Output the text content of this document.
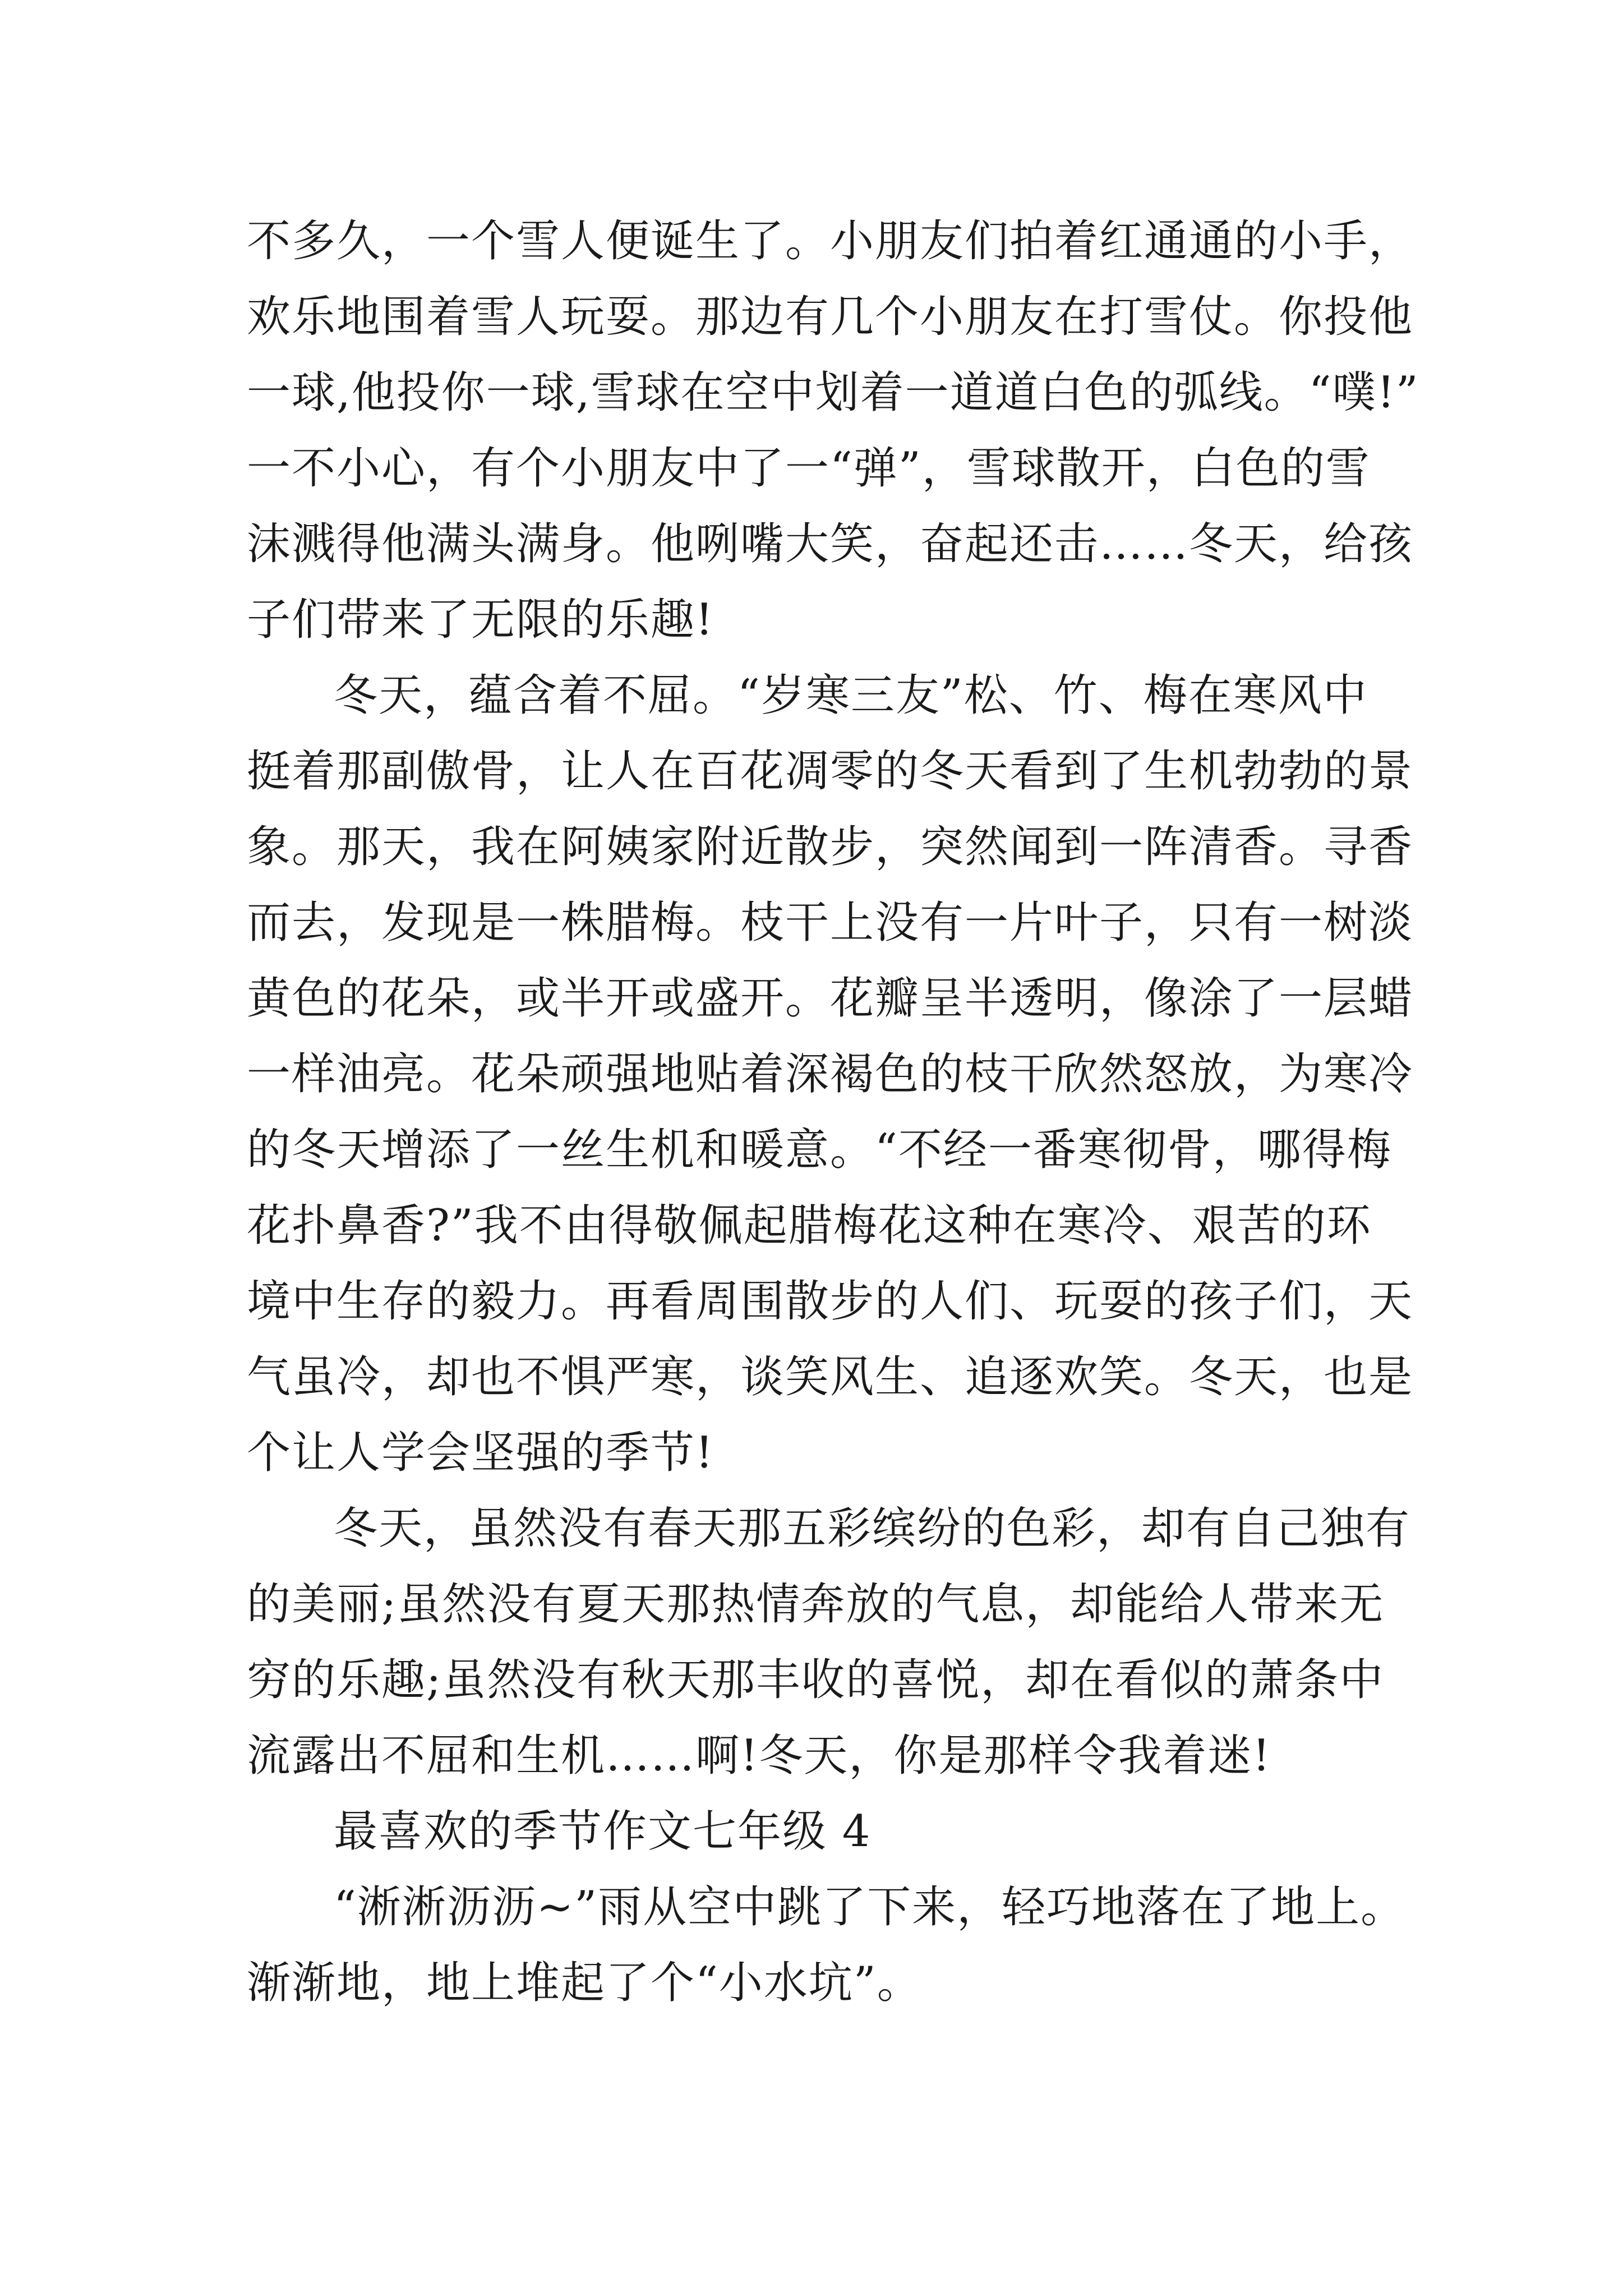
不多久，一个雪人便诞生了。小朋友们拍着红通通的小手，
欢乐地围着雪人玩耍。那边有几个小朋友在打雪仗。你投他
一球,他投你一球,雪球在空中划着一道道白色的弧线。“噗!”
一不小心，有个小朋友中了一“弹”，雪球散开，白色的雪
沫溅得他满头满身。他咧嘴大笑，奋起还击……冬天，给孩
子们带来了无限的乐趣!
冬天，蕴含着不屈。“岁寒三友”松、竹、梅在寒风中
挺着那副傲骨，让人在百花凋零的冬天看到了生机勃勃的景
象。那天，我在阿姨家附近散步，突然闻到一阵清香。寻香
而去，发现是一株腊梅。枝干上没有一片叶子，只有一树淡
黄色的花朵，或半开或盛开。花瓣呈半透明，像涂了一层蜡
一样油亮。花朵顽强地贴着深褐色的枝干欣然怒放，为寒冷
的冬天增添了一丝生机和暖意。“不经一番寒彻骨，哪得梅
花扑鼻香?”我不由得敬佩起腊梅花这种在寒冷、艰苦的环
境中生存的毅力。再看周围散步的人们、玩耍的孩子们，天
气虽冷，却也不惧严寒，谈笑风生、追逐欢笑。冬天，也是
个让人学会坚强的季节!
冬天，虽然没有春天那五彩缤纷的色彩，却有自己独有
的美丽;虽然没有夏天那热情奔放的气息，却能给人带来无
穷的乐趣;虽然没有秋天那丰收的喜悦，却在看似的萧条中
流露出不屈和生机……啊!冬天，你是那样令我着迷!
最喜欢的季节作文七年级 4
“淅淅沥沥~”雨从空中跳了下来，轻巧地落在了地上。
渐渐地，地上堆起了个“小水坑”。
